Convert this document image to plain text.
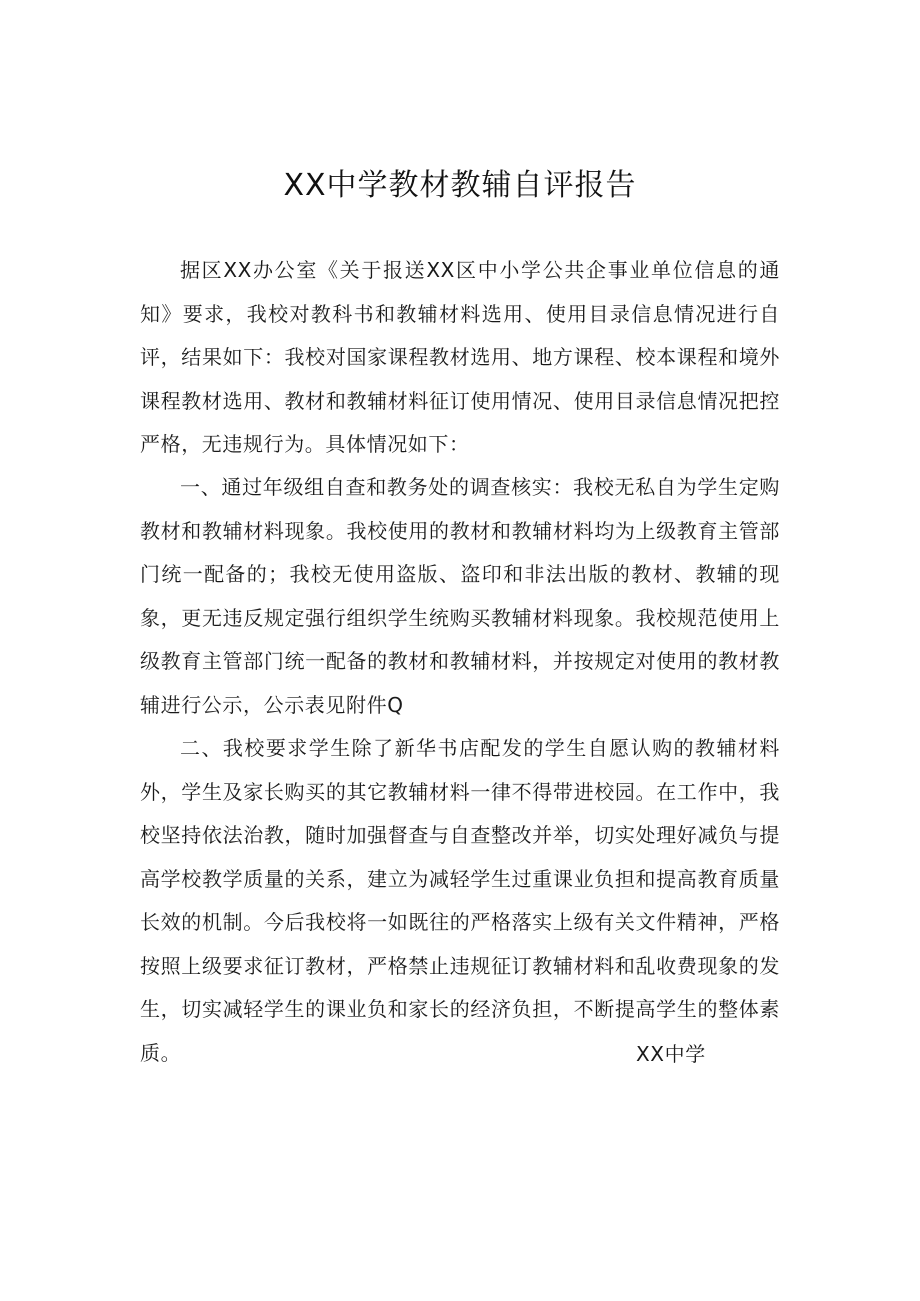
XX中学教材教辅自评报告

据区XX办公室《关于报送XX区中小学公共企事业单位信息的通知》要求，我校对教科书和教辅材料选用、使用目录信息情况进行自评，结果如下：我校对国家课程教材选用、地方课程、校本课程和境外课程教材选用、教材和教辅材料征订使用情况、使用目录信息情况把控严格，无违规行为。具体情况如下：

一、通过年级组自查和教务处的调查核实：我校无私自为学生定购教材和教辅材料现象。我校使用的教材和教辅材料均为上级教育主管部门统一配备的；我校无使用盗版、盗印和非法出版的教材、教辅的现象，更无违反规定强行组织学生统购买教辅材料现象。我校规范使用上级教育主管部门统一配备的教材和教辅材料，并按规定对使用的教材教辅进行公示，公示表见附件Q

二、我校要求学生除了新华书店配发的学生自愿认购的教辅材料外，学生及家长购买的其它教辅材料一律不得带进校园。在工作中，我校坚持依法治教，随时加强督查与自查整改并举，切实处理好减负与提高学校教学质量的关系，建立为减轻学生过重课业负担和提高教育质量长效的机制。今后我校将一如既往的严格落实上级有关文件精神，严格按照上级要求征订教材，严格禁止违规征订教辅材料和乱收费现象的发生，切实减轻学生的课业负和家长的经济负担，不断提高学生的整体素质。	XX中学
